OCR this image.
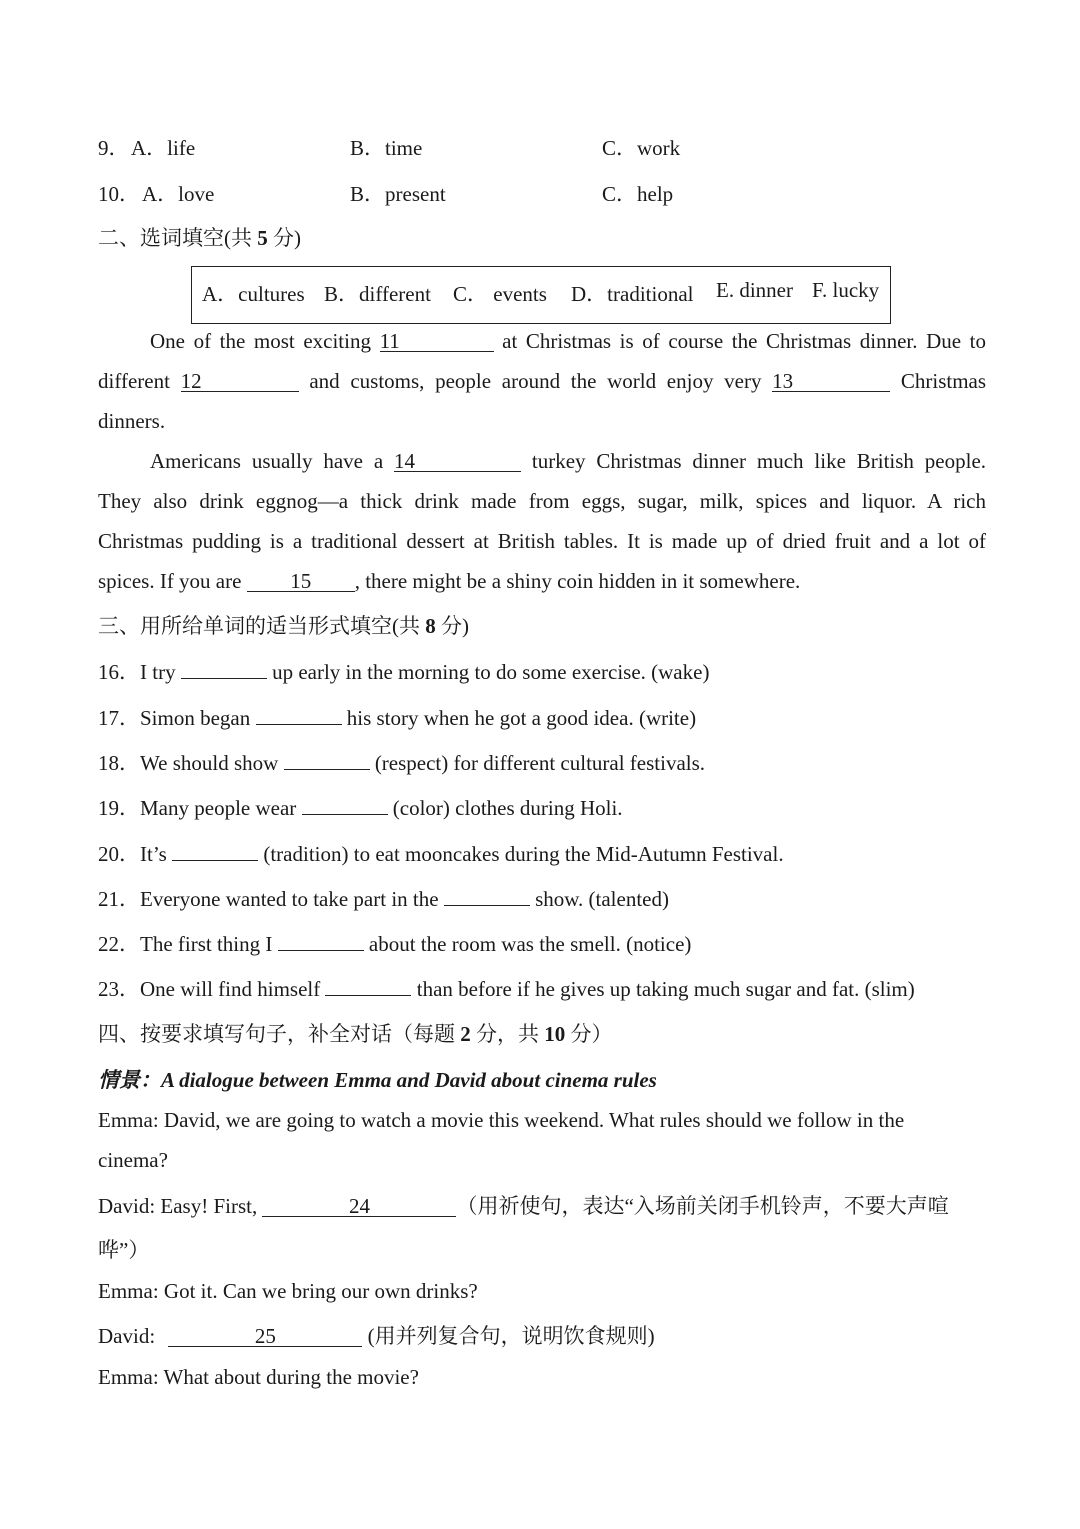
9． A．life	B．time	C．work
10． A．love	B．present	C．help
二、选词填空(共 5 分)
A．cultures B．different C． events D．traditional E. dinner F. lucky
One of the most exciting 11	at Christmas is of course the Christmas dinner. Due to
different 12	and customs, people around the world enjoy very 13	Christmas
dinners.
Americans usually have a 14	turkey Christmas dinner much like British people.
They also drink eggnog—a thick drink made from eggs, sugar, milk, spices and liquor. A rich
Christmas pudding is a traditional dessert at British tables. It is made up of dried fruit and a lot of
spices. If you are 15 , there might be a shiny coin hidden in it somewhere.
三、用所给单词的适当形式填空(共 8 分)
16．I try	up early in the morning to do some exercise. (wake)
17．Simon began	his story when he got a good idea. (write)
18．We should show	(respect) for different cultural festivals.
19．Many people wear	(color) clothes during Holi.
20．It’s	(tradition) to eat mooncakes during the Mid-Autumn Festival.
21．Everyone wanted to take part in the	show. (talented)
22．The first thing I	about the room was the smell. (notice)
23．One will find himself	than before if he gives up taking much sugar and fat. (slim)
四、按要求填写句子，补全对话（每题 2 分，共 10 分）
情景：A dialogue between Emma and David about cinema rules
Emma: David, we are going to watch a movie this weekend. What rules should we follow in the
cinema?
David: Easy! First,	24	（用祈使句，表达“入场前关闭手机铃声，不要大声喧
哗”）
Emma: Got it. Can we bring our own drinks?
David:	25	(用并列复合句，说明饮食规则)
Emma: What about during the movie?
